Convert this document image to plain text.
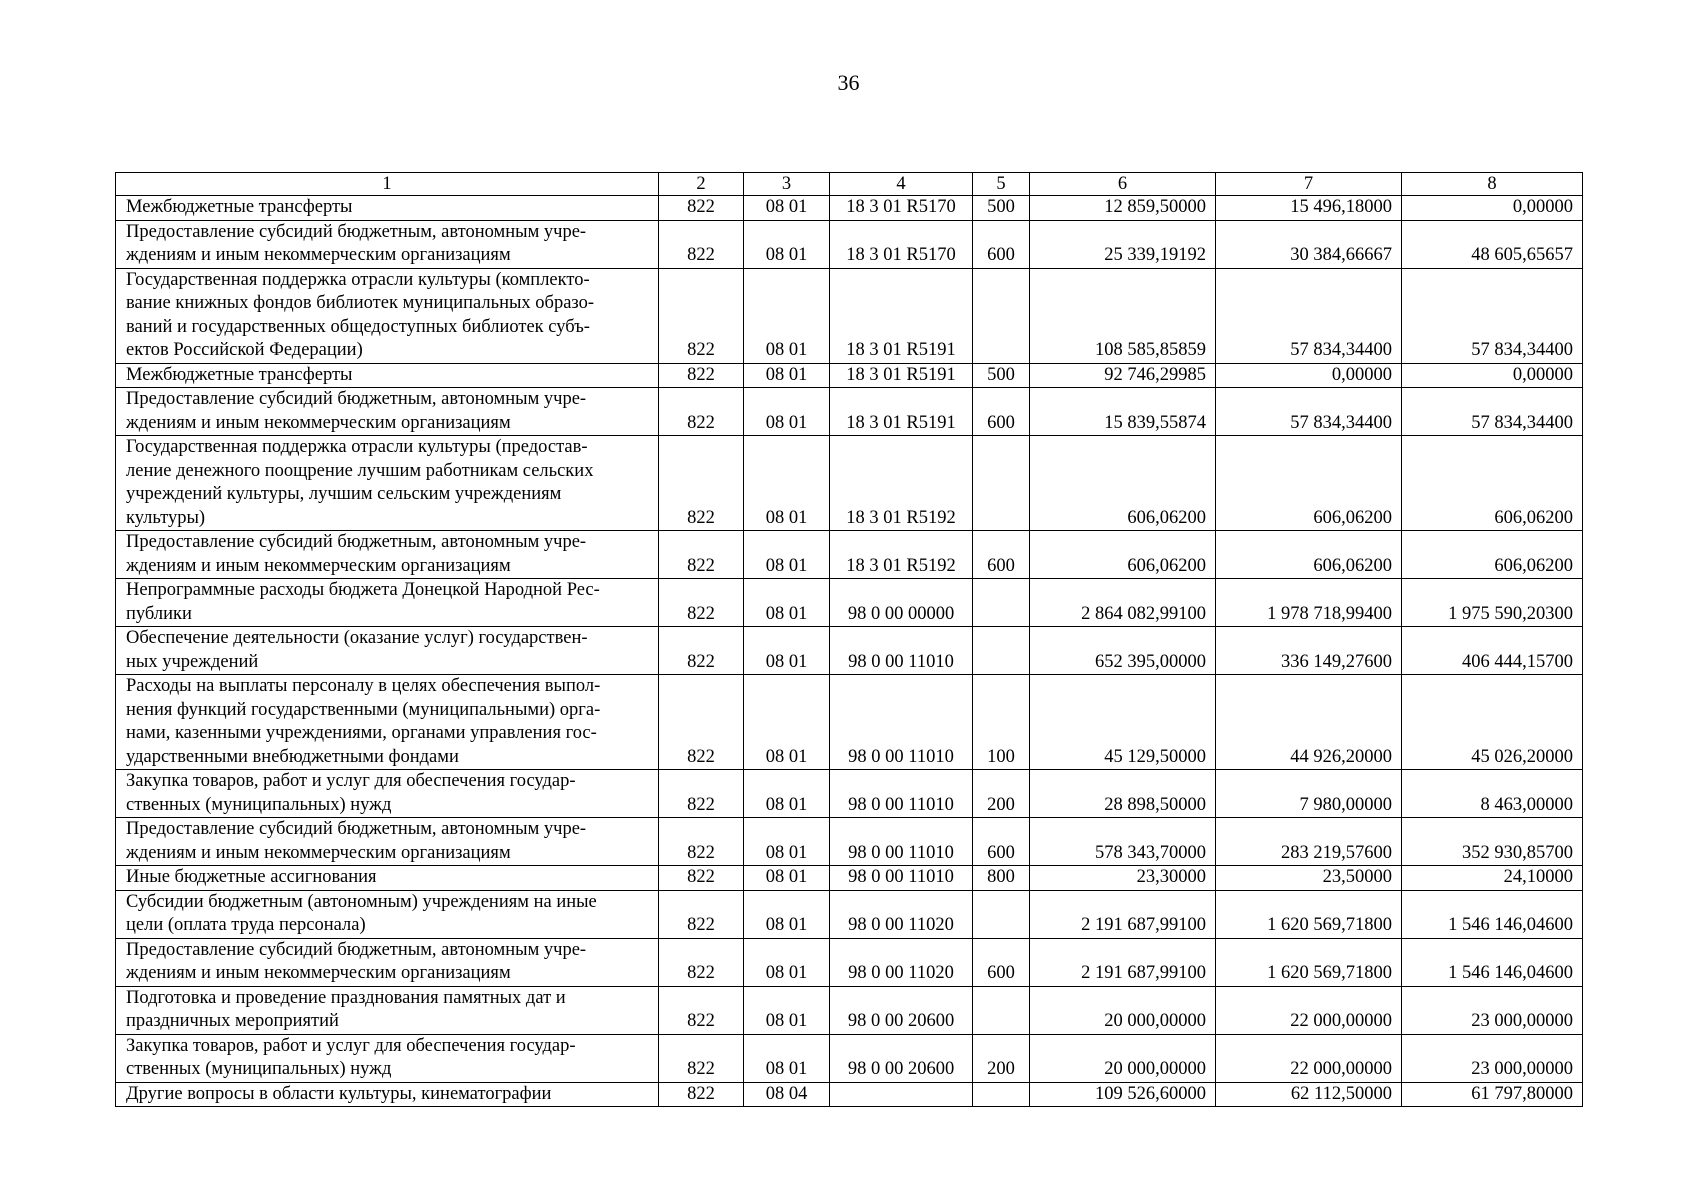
36
1	2	3	4	5	6	7	8
Межбюджетные трансферты	822	08 01	18 3 01 R5170	500	12 859,50000	15 496,18000	0,00000
Предоставление субсидий бюджетным, автономным учре-
ждениям и иным некоммерческим организациям	822	08 01	18 3 01 R5170	600	25 339,19192	30 384,66667	48 605,65657
Государственная поддержка отрасли культуры (комплекто-
вание книжных фондов библиотек муниципальных образо-
ваний и государственных общедоступных библиотек субъ-
ектов Российской Федерации)	822	08 01	18 3 01 R5191		108 585,85859	57 834,34400	57 834,34400
Межбюджетные трансферты	822	08 01	18 3 01 R5191	500	92 746,29985	0,00000	0,00000
Предоставление субсидий бюджетным, автономным учре-
ждениям и иным некоммерческим организациям	822	08 01	18 3 01 R5191	600	15 839,55874	57 834,34400	57 834,34400
Государственная поддержка отрасли культуры (предостав-
ление денежного поощрение лучшим работникам сельских
учреждений культуры, лучшим сельским учреждениям
культуры)	822	08 01	18 3 01 R5192		606,06200	606,06200	606,06200
Предоставление субсидий бюджетным, автономным учре-
ждениям и иным некоммерческим организациям	822	08 01	18 3 01 R5192	600	606,06200	606,06200	606,06200
Непрограммные расходы бюджета Донецкой Народной Рес-
публики	822	08 01	98 0 00 00000		2 864 082,99100	1 978 718,99400	1 975 590,20300
Обеспечение деятельности (оказание услуг) государствен-
ных учреждений	822	08 01	98 0 00 11010		652 395,00000	336 149,27600	406 444,15700
Расходы на выплаты персоналу в целях обеспечения выпол-
нения функций государственными (муниципальными) орга-
нами, казенными учреждениями, органами управления гос-
ударственными внебюджетными фондами	822	08 01	98 0 00 11010	100	45 129,50000	44 926,20000	45 026,20000
Закупка товаров, работ и услуг для обеспечения государ-
ственных (муниципальных) нужд	822	08 01	98 0 00 11010	200	28 898,50000	7 980,00000	8 463,00000
Предоставление субсидий бюджетным, автономным учре-
ждениям и иным некоммерческим организациям	822	08 01	98 0 00 11010	600	578 343,70000	283 219,57600	352 930,85700
Иные бюджетные ассигнования	822	08 01	98 0 00 11010	800	23,30000	23,50000	24,10000
Субсидии бюджетным (автономным) учреждениям на иные
цели (оплата труда персонала)	822	08 01	98 0 00 11020		2 191 687,99100	1 620 569,71800	1 546 146,04600
Предоставление субсидий бюджетным, автономным учре-
ждениям и иным некоммерческим организациям	822	08 01	98 0 00 11020	600	2 191 687,99100	1 620 569,71800	1 546 146,04600
Подготовка и проведение празднования памятных дат и
праздничных мероприятий	822	08 01	98 0 00 20600		20 000,00000	22 000,00000	23 000,00000
Закупка товаров, работ и услуг для обеспечения государ-
ственных (муниципальных) нужд	822	08 01	98 0 00 20600	200	20 000,00000	22 000,00000	23 000,00000
Другие вопросы в области культуры, кинематографии	822	08 04			109 526,60000	62 112,50000	61 797,80000
